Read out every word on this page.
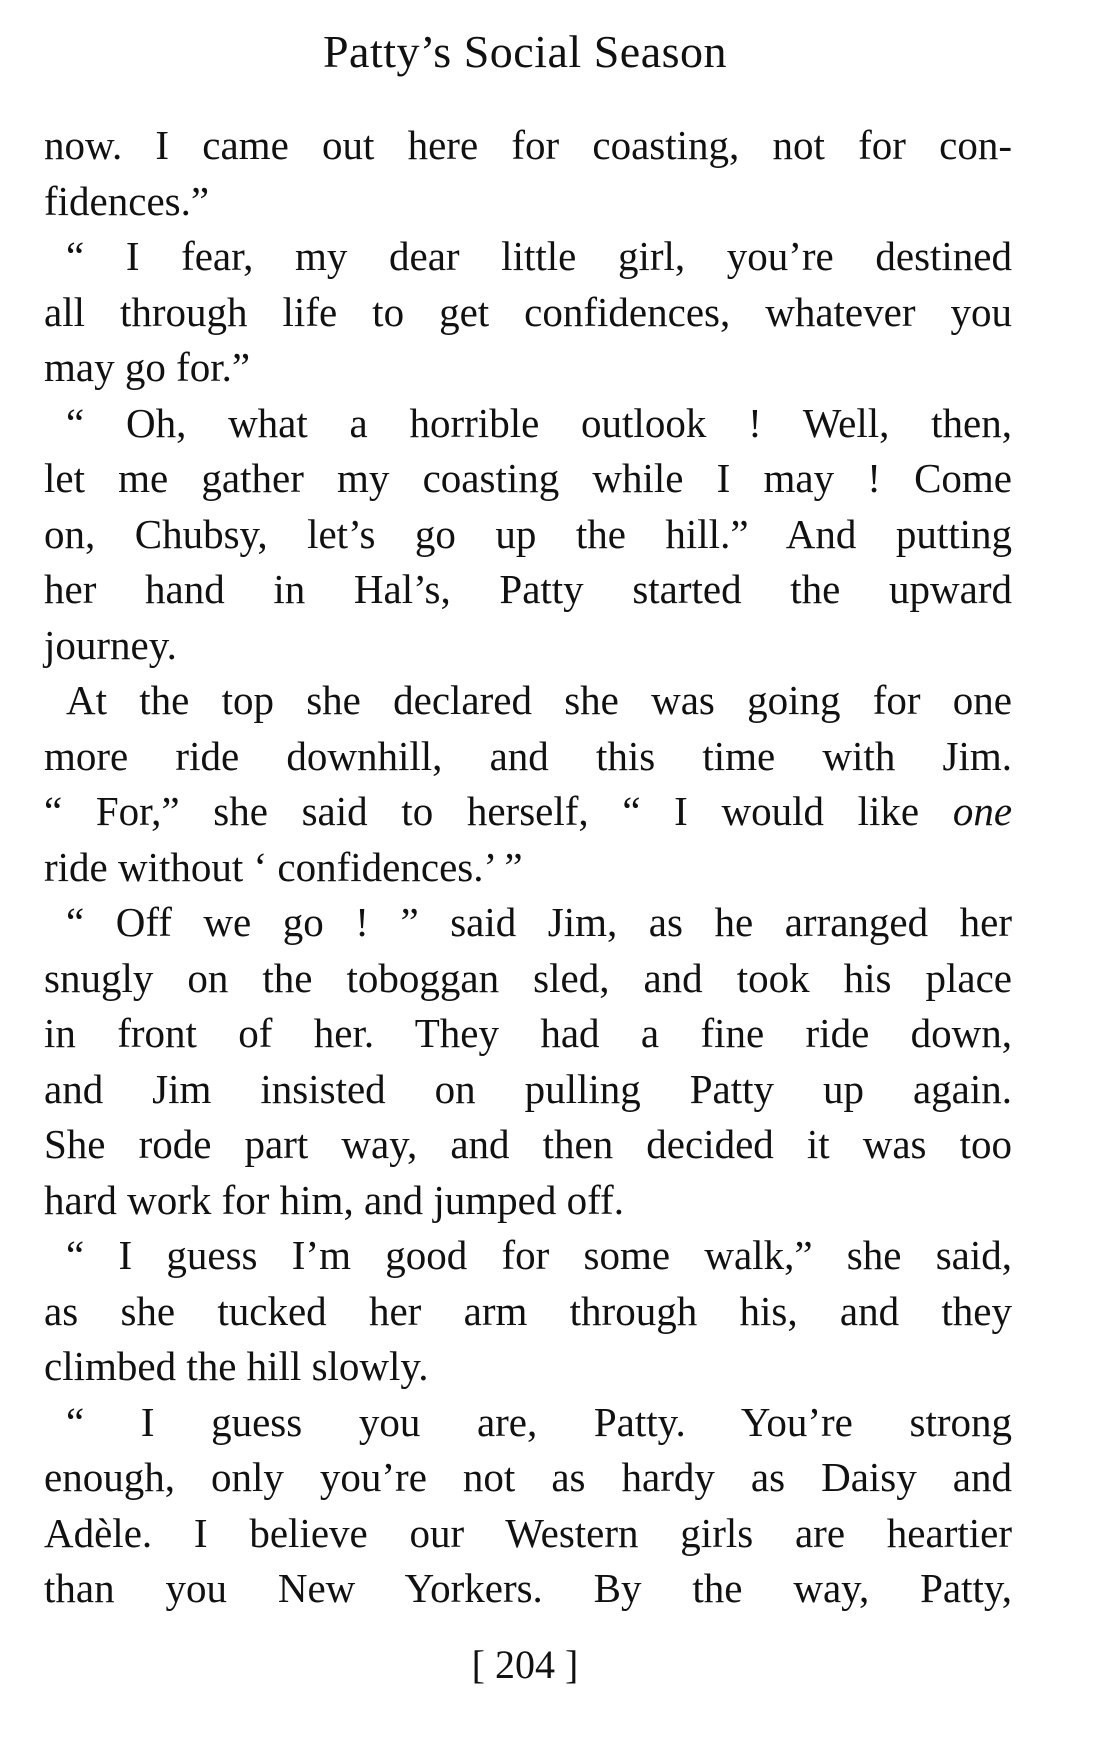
Patty’s Social Season
now. I came out here for coasting, not for con-
fidences.”
“ I fear, my dear little girl, you’re destined
all through life to get confidences, whatever you
may go for.”
“ Oh, what a horrible outlook ! Well, then,
let me gather my coasting while I may ! Come
on, Chubsy, let’s go up the hill.” And putting
her hand in Hal’s, Patty started the upward
journey.
At the top she declared she was going for one
more ride downhill, and this time with Jim.
“ For,” she said to herself, “ I would like one
ride without ‘ confidences.’ ”
“ Off we go ! ” said Jim, as he arranged her
snugly on the toboggan sled, and took his place
in front of her. They had a fine ride down,
and Jim insisted on pulling Patty up again.
She rode part way, and then decided it was too
hard work for him, and jumped off.
“ I guess I’m good for some walk,” she said,
as she tucked her arm through his, and they
climbed the hill slowly.
“ I guess you are, Patty. You’re strong
enough, only you’re not as hardy as Daisy and
Adèle. I believe our Western girls are heartier
than you New Yorkers. By the way, Patty,
[ 204 ]
